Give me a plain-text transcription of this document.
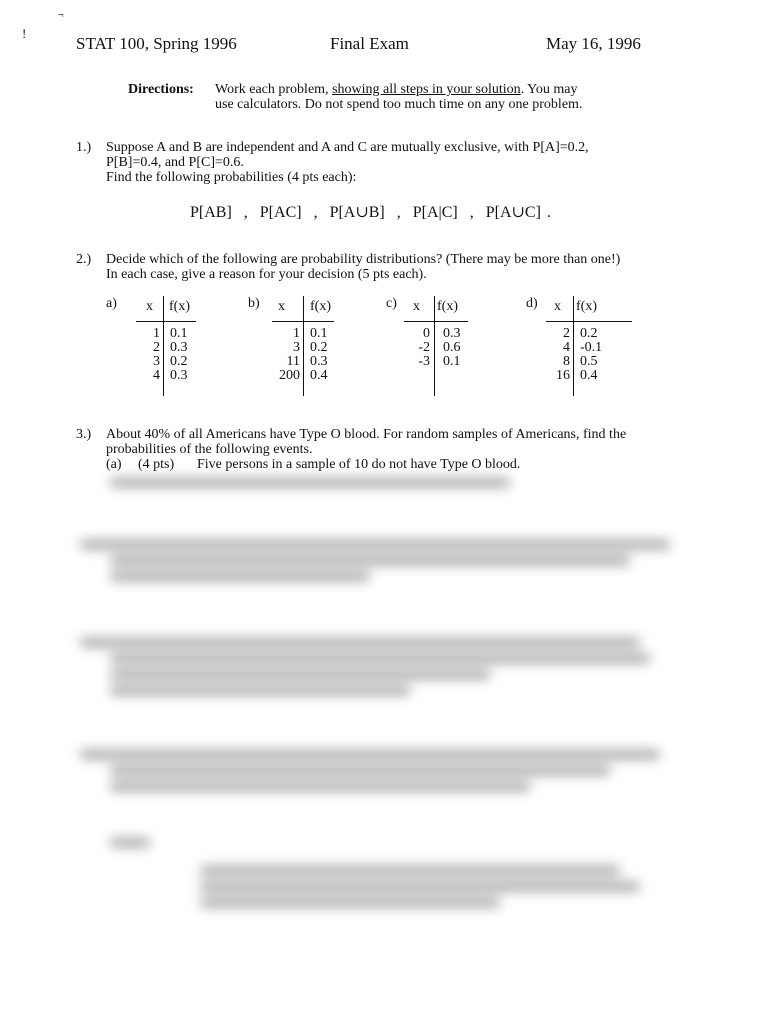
!
¬
STAT 100, Spring 1996	Final Exam	May 16, 1996
Directions: Work each problem, showing all steps in your solution. You may
use calculators. Do not spend too much time on any one problem.
1.) Suppose A and B are independent and A and C are mutually exclusive, with P[A]=0.2,
P[B]=0.4, and P[C]=0.6.
Find the following probabilities (4 pts each):
P[AB]  ,  P[AC]  ,  P[A∪B]  ,  P[A|C]  ,  P[A∪C] .
2.) Decide which of the following are probability distributions? (There may be more than one!)
In each case, give a reason for your decision (5 pts each).
a) x f(x)
1
2
3
4
0.1
0.3
0.2
0.3
b) x f(x)
1
3
11
200
0.1
0.2
0.3
0.4
c) x f(x)
0
-2
-3
0.3
0.6
0.1
d) x f(x)
2
4
8
16
0.2
-0.1
0.5
0.4
3.) About 40% of all Americans have Type O blood. For random samples of Americans, find the
probabilities of the following events.
(a) (4 pts) Five persons in a sample of 10 do not have Type O blood.
